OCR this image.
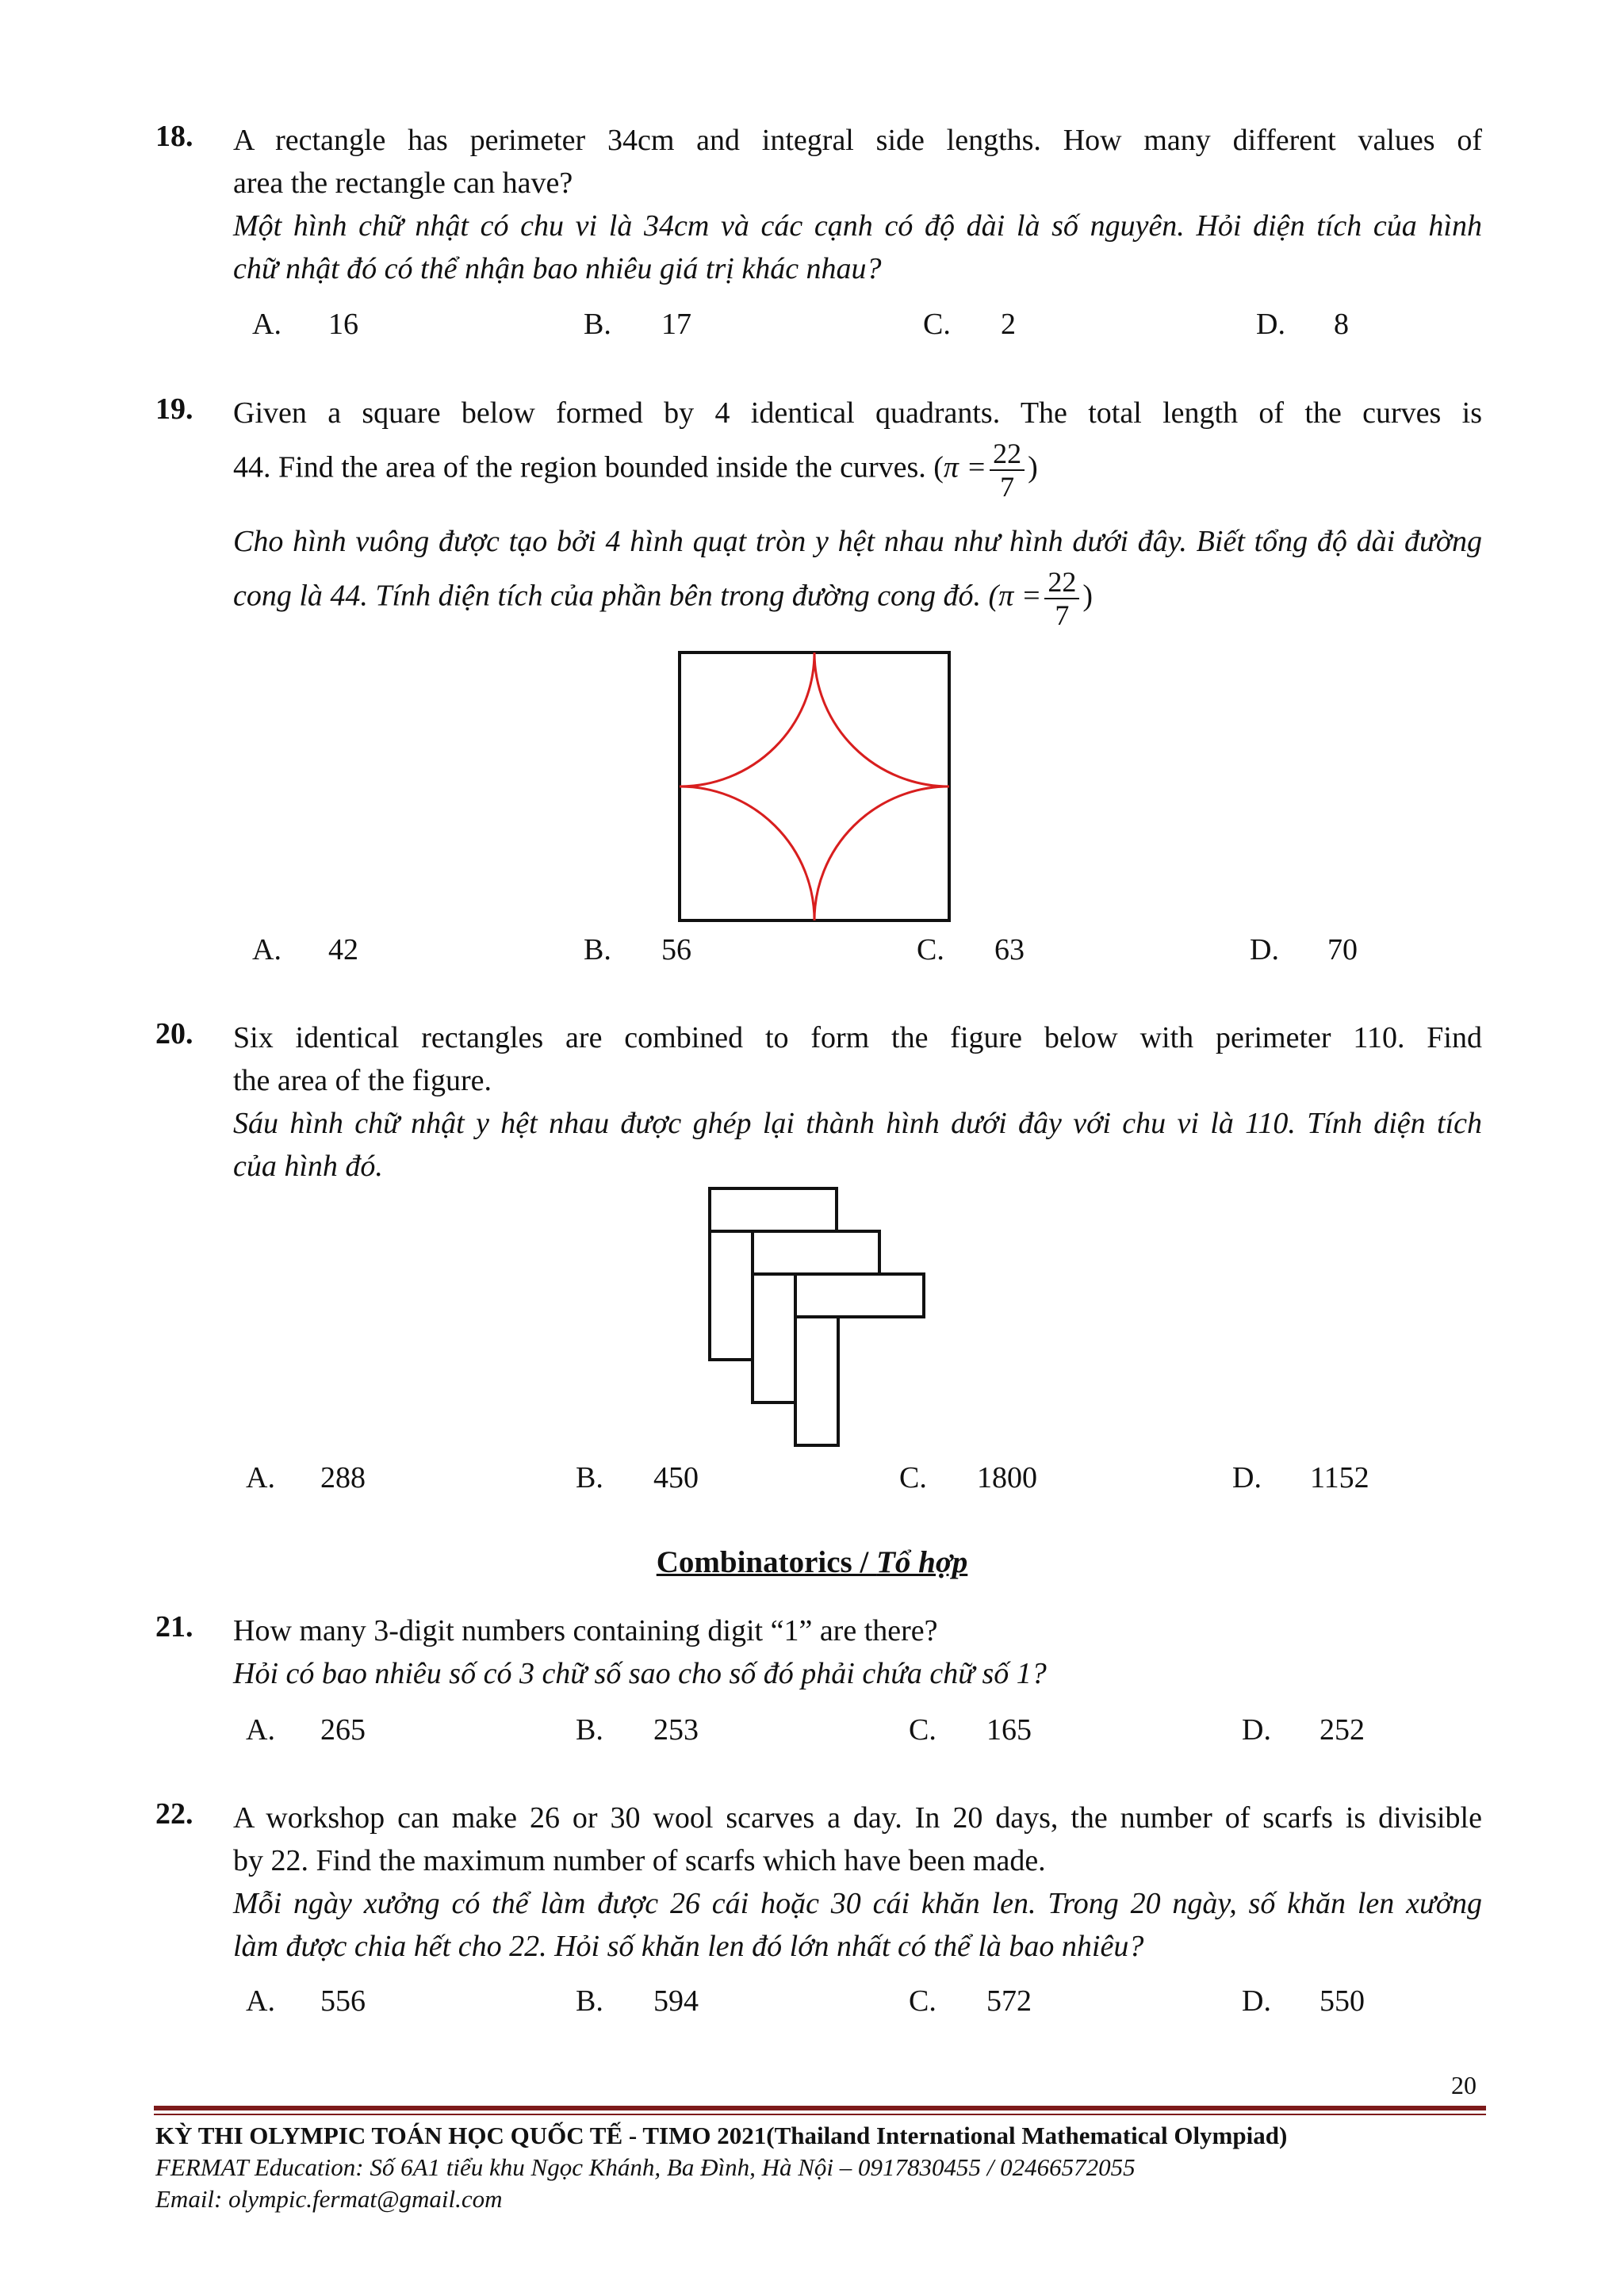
18. A rectangle has perimeter 34cm and integral side lengths. How many different values of
area the rectangle can have?
Một hình chữ nhật có chu vi là 34cm và các cạnh có độ dài là số nguyên. Hỏi diện tích của hình
chữ nhật đó có thể nhận bao nhiêu giá trị khác nhau?
A. 16	B. 17	C. 2	D. 8
19. Given a square below formed by 4 identical quadrants. The total length of the curves is
44. Find the area of the region bounded inside the curves. ($\pi = \frac{22}{7}$ )
Cho hình vuông được tạo bởi 4 hình quạt tròn y hệt nhau như hình dưới đây. Biết tổng độ dài đường
cong là 44. Tính diện tích của phần bên trong đường cong đó. ($\pi = \frac{22}{7}$ )
A. 42	B. 56	C. 63	D. 70
20. Six identical rectangles are combined to form the figure below with perimeter 110. Find
the area of the figure.
Sáu hình chữ nhật y hệt nhau được ghép lại thành hình dưới đây với chu vi là 110. Tính diện tích
của hình đó.
A. 288	B. 450	C. 1800	D. 1152
Combinatorics / Tổ hợp
21. How many 3-digit numbers containing digit “1” are there?
Hỏi có bao nhiêu số có 3 chữ số sao cho số đó phải chứa chữ số 1?
A. 265	B. 253	C. 165	D. 252
22. A workshop can make 26 or 30 wool scarves a day. In 20 days, the number of scarfs is divisible
by 22. Find the maximum number of scarfs which have been made.
Mỗi ngày xưởng có thể làm được 26 cái hoặc 30 cái khăn len. Trong 20 ngày, số khăn len xưởng
làm được chia hết cho 22. Hỏi số khăn len đó lớn nhất có thể là bao nhiêu?
A. 556	B. 594	C. 572	D. 550
20
KỲ THI OLYMPIC TOÁN HỌC QUỐC TẾ - TIMO 2021(Thailand International Mathematical Olympiad)
FERMAT Education: Số 6A1 tiểu khu Ngọc Khánh, Ba Đình, Hà Nội – 0917830455 / 02466572055
Email: olympic.fermat@gmail.com
